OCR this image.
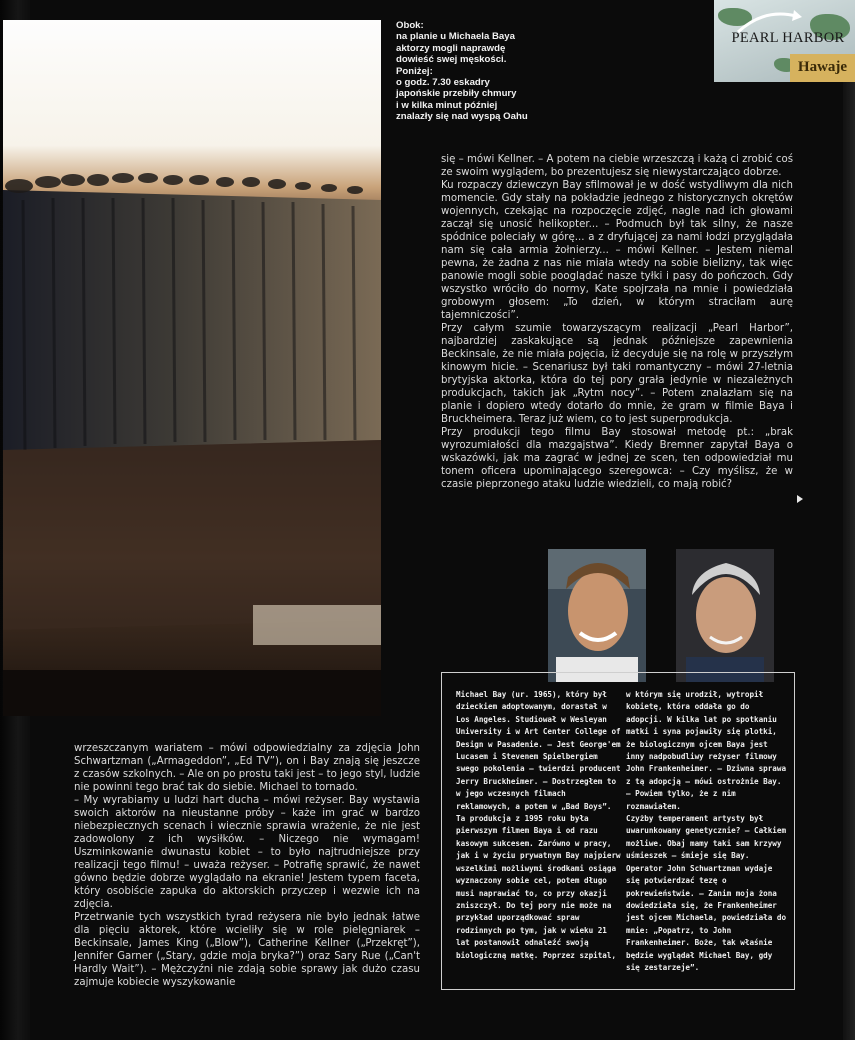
Obok:
na planie u Michaela Baya
aktorzy mogli naprawdę
dowieść swej męskości.
Poniżej:
o godz. 7.30 eskadry
japońskie przebiły chmury
i w kilka minut później
znalazły się nad wyspą Oahu

PEARL HARBOR
Hawaje

się – mówi Kellner. – A potem na ciebie wrzeszczą i każą ci zrobić coś ze swoim wyglądem, bo prezentujesz się niewystarczająco dobrze.

Ku rozpaczy dziewczyn Bay sfilmował je w dość wstydliwym dla nich momencie. Gdy stały na pokładzie jednego z historycznych okrętów wojennych, czekając na rozpoczęcie zdjęć, nagle nad ich głowami zaczął się unosić helikopter... – Podmuch był tak silny, że nasze spódnice poleciały w górę... a z dryfującej za nami łodzi przyglądała nam się cała armia żołnierzy... – mówi Kellner. – Jestem niemal pewna, że żadna z nas nie miała wtedy na sobie bielizny, tak więc panowie mogli sobie pooglądać nasze tyłki i pasy do pończoch. Gdy wszystko wróciło do normy, Kate spojrzała na mnie i powiedziała grobowym głosem: „To dzień, w którym straciłam aurę tajemniczości”.

Przy całym szumie towarzyszącym realizacji „Pearl Harbor”, najbardziej zaskakujące są jednak późniejsze zapewnienia Beckinsale, że nie miała pojęcia, iż decyduje się na rolę w przyszłym kinowym hicie. – Scenariusz był taki romantyczny – mówi 27-letnia brytyjska aktorka, która do tej pory grała jedynie w niezależnych produkcjach, takich jak „Rytm nocy”. – Potem znalazłam się na planie i dopiero wtedy dotarło do mnie, że gram w filmie Baya i Bruckheimera. Teraz już wiem, co to jest superprodukcja.

Przy produkcji tego filmu Bay stosował metodę pt.: „brak wyrozumiałości dla mazgajstwa”. Kiedy Bremner zapytał Baya o wskazówki, jak ma zagrać w jednej ze scen, ten odpowiedział mu tonem oficera upominającego szeregowca: – Czy myślisz, że w czasie pieprzonego ataku ludzie wiedzieli, co mają robić?

Michael Bay (ur. 1965), który był dzieckiem adoptowanym, dorastał w Los Angeles. Studiował w Wesleyan University i w Art Center College of Design w Pasadenie. – Jest George'em Lucasem i Stevenem Spielbergiem swego pokolenia – twierdzi producent Jerry Bruckheimer. – Dostrzegłem to w jego wczesnych filmach reklamowych, a potem w „Bad Boys”.

Ta produkcja z 1995 roku była pierwszym filmem Baya i od razu kasowym sukcesem. Zarówno w pracy, jak i w życiu prywatnym Bay najpierw wszelkimi możliwymi środkami osiąga wyznaczony sobie cel, potem długo musi naprawiać to, co przy okazji zniszczył. Do tej pory nie może na przykład uporządkować spraw rodzinnych po tym, jak w wieku 21 lat postanowił odnaleźć swoją biologiczną matkę. Poprzez szpital,

w którym się urodził, wytropił kobietę, która oddała go do adopcji. W kilka lat po spotkaniu matki i syna pojawiły się plotki, że biologicznym ojcem Baya jest inny nadpobudliwy reżyser filmowy John Frankenheimer. – Dziwna sprawa z tą adopcją – mówi ostrożnie Bay. – Powiem tylko, że z nim rozmawiałem.

Czyżby temperament artysty był uwarunkowany genetycznie? – Całkiem możliwe. Obaj mamy taki sam krzywy uśmieszek – śmieje się Bay. Operator John Schwartzman wydaje się potwierdzać tezę o pokrewieństwie. – Zanim moja żona dowiedziała się, że Frankenheimer jest ojcem Michaela, powiedziała do mnie: „Popatrz, to John Frankenheimer. Boże, tak właśnie będzie wyglądał Michael Bay, gdy się zestarzeje”.

wrzeszczanym wariatem – mówi odpowiedzialny za zdjęcia John Schwartzman („Armageddon”, „Ed TV”), on i Bay znają się jeszcze z czasów szkolnych. – Ale on po prostu taki jest – to jego styl, ludzie nie powinni tego brać tak do siebie. Michael to tornado.

– My wyrabiamy u ludzi hart ducha – mówi reżyser. Bay wystawia swoich aktorów na nieustanne próby – każe im grać w bardzo niebezpiecznych scenach i wiecznie sprawia wrażenie, że nie jest zadowolony z ich wysiłków. – Niczego nie wymagam! Uszminkowanie dwunastu kobiet – to było najtrudniejsze przy realizacji tego filmu! – uważa reżyser. – Potrafię sprawić, że nawet gówno będzie dobrze wyglądało na ekranie! Jestem typem faceta, który osobiście zapuka do aktorskich przyczep i wezwie ich na zdjęcia.

Przetrwanie tych wszystkich tyrad reżysera nie było jednak łatwe dla pięciu aktorek, które wcieliły się w role pielęgniarek – Beckinsale, James King („Blow”), Catherine Kellner („Przekręt”), Jennifer Garner („Stary, gdzie moja bryka?”) oraz Sary Rue („Can't Hardly Wait”). – Mężczyźni nie zdają sobie sprawy jak dużo czasu zajmuje kobiecie wyszykowanie
